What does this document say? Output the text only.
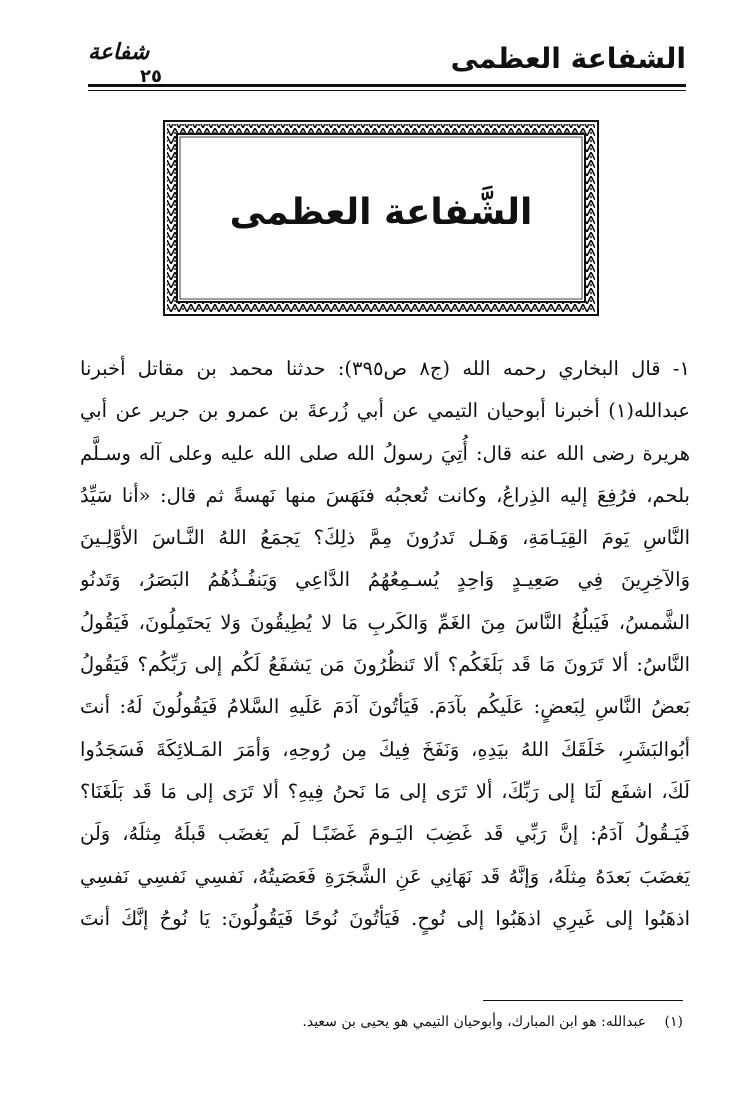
شفاعة
٢٥
الشفاعة العظمى
الشَّفاعة العظمى
١- قال البخاري رحمه الله (ج٨ ص٣٩٥): حدثنا محمد بن مقاتل أخبرنا
عبدالله(١) أخبرنا أبوحيان التيمي عن أبي زُرعةَ بن عمرو بن جرير عن أبي
هريرة رضى الله عنه قال: أُتِيَ رسولُ الله صلى الله عليه وعلى آله وسـلَّم
بلحم، فرُفِعَ إليه الذِراعُ، وكانت تُعجبُه فنَهَسَ منها نَهسةً ثم قال: «أنا سَيِّدُ
النَّاسِ يَومَ القِيَـامَةِ، وَهَـل تَدرُونَ مِمَّ ذلِكَ؟ يَجمَعُ اللهُ النَّـاسَ الأوَّلِـينَ
وَالآخِرِينَ فِي صَعِيـدٍ وَاحِدٍ يُسـمِعُهُمُ الدَّاعِي وَيَنفُـذُهُمُ البَصَرُ، وَتَدنُو
الشَّمسُ، فَيَبلُغُ النَّاسَ مِنَ الغَمِّ وَالكَربِ مَا لا يُطِيقُونَ وَلا يَحتَمِلُونَ، فَيَقُولُ
النَّاسُ: ألا تَرَونَ مَا قَد بَلَغَكُم؟ ألا تَنظُرُونَ مَن يَشفَعُ لَكُم إلى رَبِّكُم؟ فَيَقُولُ
بَعضُ النَّاسِ لِبَعضٍ: عَلَيكُم بآدَمَ. فَيَأتُونَ آدَمَ عَلَيهِ السَّلامُ فَيَقُولُونَ لَهُ: أنتَ
أبُوالبَشَرِ، خَلَقَكَ اللهُ بيَدِهِ، وَنَفَخَ فِيكَ مِن رُوحِهِ، وَأمَرَ المَـلائِكَةَ فَسَجَدُوا
لَكَ، اشفَع لَنَا إلى رَبِّكَ، ألا تَرَى إلى مَا نَحنُ فِيهِ؟ ألا تَرَى إلى مَا قَد بَلَغَنَا؟
فَيَـقُولُ آدَمُ: إنَّ رَبِّي قَد غَضِبَ اليَـومَ غَضَبًـا لَم يَغضَب قَبلَهُ مِثلَهُ، وَلَن
يَغضَبَ بَعدَهُ مِثلَهُ، وَإنَّهُ قَد نَهَانِي عَنِ الشَّجَرَةِ فَعَصَيتُهُ، نَفسِي نَفسِي نَفسِي
اذهَبُوا إلى غَيرِي اذهَبُوا إلى نُوحٍ. فَيَأتُونَ نُوحًا فَيَقُولُونَ: يَا نُوحُ إنَّكَ أنتَ
(١) عبدالله: هو ابن المبارك، وأبوحيان التيمي هو يحيى بن سعيد.
